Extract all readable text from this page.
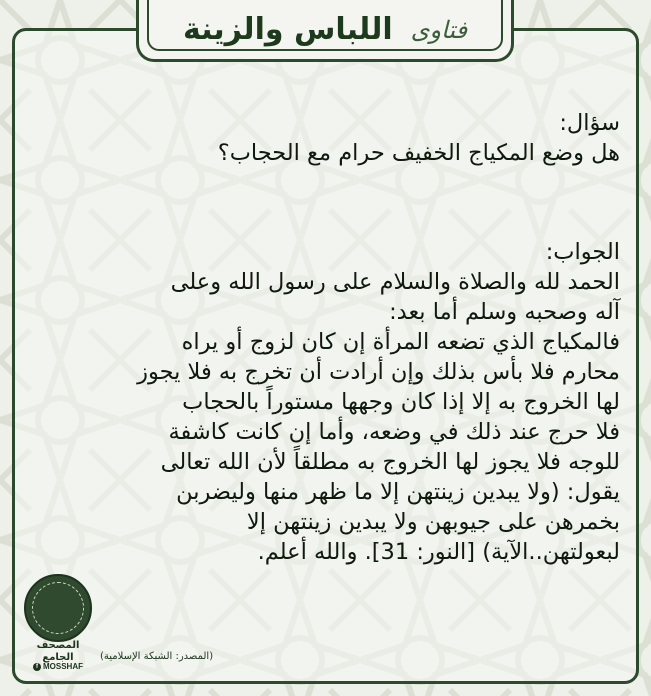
فتاوى
اللباس والزينة

سؤال:

هل وضع المكياج الخفيف حرام مع الحجاب؟

الجواب:

الحمد لله والصلاة والسلام على رسول الله وعلى

آله وصحبه وسلم أما بعد:

فالمكياج الذي تضعه المرأة إن كان لزوج أو يراه

محارم فلا بأس بذلك وإن أرادت أن تخرج به فلا يجوز

لها الخروج به إلا إذا كان وجهها مستوراً بالحجاب

فلا حرج عند ذلك في وضعه، وأما إن كانت كاشفة

للوجه فلا يجوز لها الخروج به مطلقاً لأن الله تعالى

يقول: (ولا يبدين زينتهن إلا ما ظهر منها وليضربن

بخمرهن على جيوبهن ولا يبدين زينتهن إلا

لبعولتهن..الآية) [النور: 31]. والله أعلم.

المصحف الجامع
f MOSSHAF
(المصدر: الشبكة الإسلامية)
